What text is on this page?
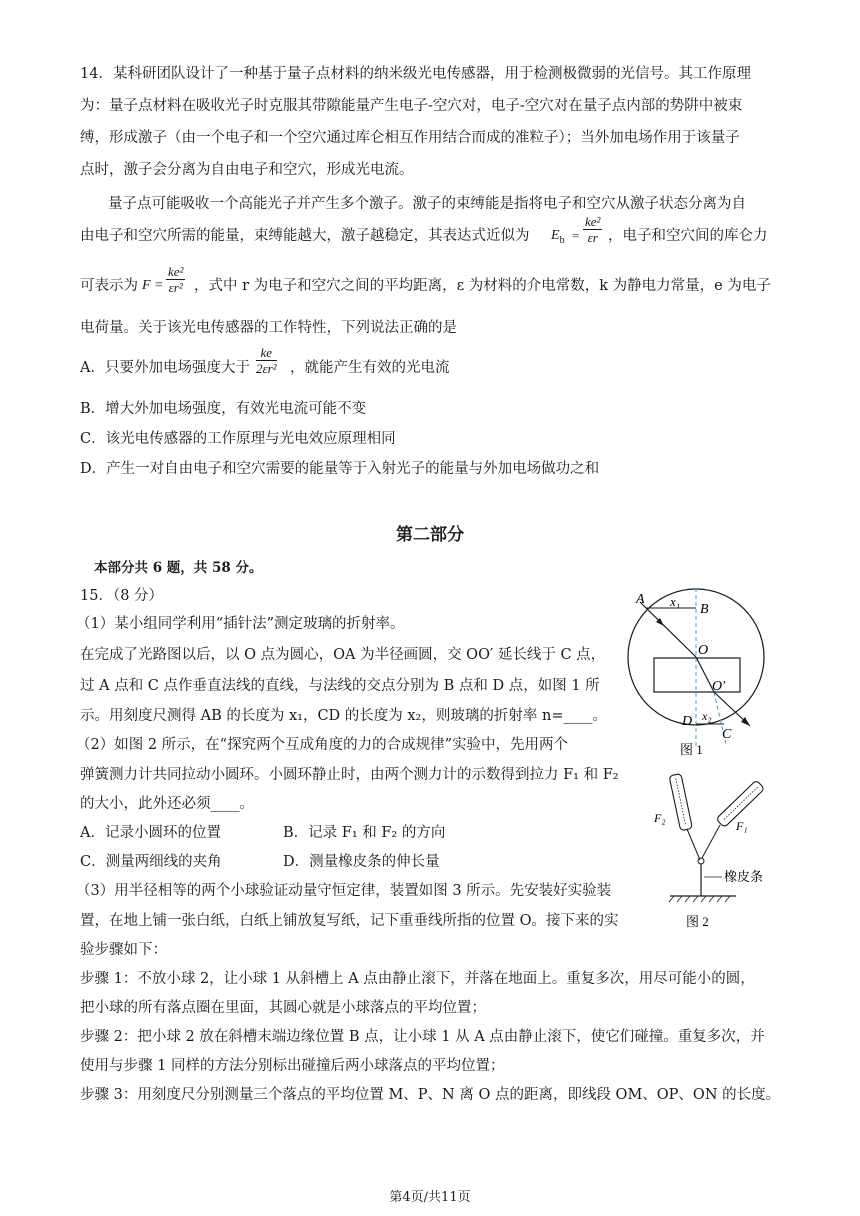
14．某科研团队设计了一种基于量子点材料的纳米级光电传感器，用于检测极微弱的光信号。其工作原理
为：量子点材料在吸收光子时克服其带隙能量产生电子-空穴对，电子-空穴对在量子点内部的势阱中被束
缚，形成激子（由一个电子和一个空穴通过库仑相互作用结合而成的准粒子）；当外加电场作用于该量子
点时，激子会分离为自由电子和空穴，形成光电流。
量子点可能吸收一个高能光子并产生多个激子。激子的束缚能是指将电子和空穴从激子状态分离为自
由电子和空穴所需的能量，束缚能越大，激子越稳定，其表达式近似为 $E_b = \frac{\text{ke²}}{\varepsilon r}$ ，电子和空穴间的库仑力
可表示为 $F = \frac{\text{ke²}}{\text{εr²}}$ ，式中 r 为电子和空穴之间的平均距离，ε 为材料的介电常数，k 为静电力常量，e 为电子
电荷量。关于该光电传感器的工作特性，下列说法正确的是
A．只要外加电场强度大于 $\frac{ke}{\text{2εr²}}$ ，就能产生有效的光电流
B．增大外加电场强度，有效光电流可能不变
C．该光电传感器的工作原理与光电效应原理相同
D．产生一对自由电子和空穴需要的能量等于入射光子的能量与外加电场做功之和
第二部分
本部分共 6 题，共 58 分。
15．（8 分）
（1）某小组同学利用“插针法”测定玻璃的折射率。
在完成了光路图以后，以 O 点为圆心，OA 为半径画圆，交 OO′ 延长线于 C 点，
过 A 点和 C 点作垂直法线的直线，与法线的交点分别为 B 点和 D 点，如图 1 所
示。用刻度尺测得 AB 的长度为 x₁，CD 的长度为 x₂，则玻璃的折射率 n=____。
（2）如图 2 所示，在“探究两个互成角度的力的合成规律”实验中，先用两个
弹簧测力计共同拉动小圆环。小圆环静止时，由两个测力计的示数得到拉力 F₁ 和 F₂
的大小，此外还必须____。
A．记录小圆环的位置	B．记录 F₁ 和 F₂ 的方向
C．测量两细线的夹角	D．测量橡皮条的伸长量
（3）用半径相等的两个小球验证动量守恒定律，装置如图 3 所示。先安装好实验装
置，在地上铺一张白纸，白纸上铺放复写纸，记下重垂线所指的位置 O。接下来的实
验步骤如下：
步骤 1：不放小球 2，让小球 1 从斜槽上 A 点由静止滚下，并落在地面上。重复多次，用尽可能小的圆，
把小球的所有落点圈在里面，其圆心就是小球落点的平均位置；
步骤 2：把小球 2 放在斜槽末端边缘位置 B 点，让小球 1 从 A 点由静止滚下，使它们碰撞。重复多次，并
使用与步骤 1 同样的方法分别标出碰撞后两小球落点的平均位置；
步骤 3：用刻度尺分别测量三个落点的平均位置 M、P、N 离 O 点的距离，即线段 OM、OP、ON 的长度。
A x₁
B
O
O′
D x₂
C
图 1
F₂
F₁
橡皮条
图 2
第4页/共11页
